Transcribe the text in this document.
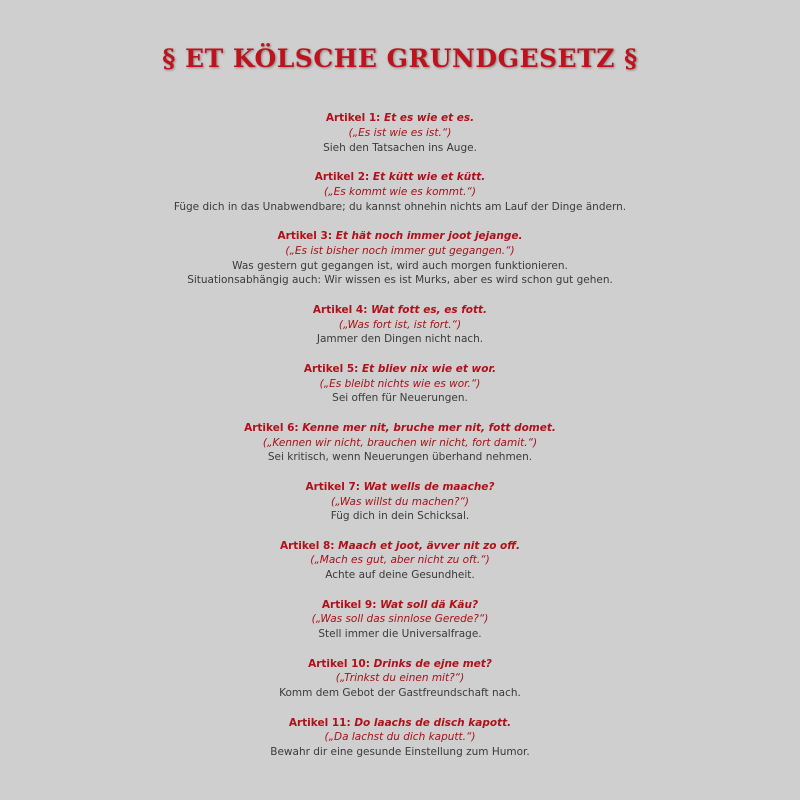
§ ET KÖLSCHE GRUNDGESETZ §
Artikel 1: Et es wie et es.
(„Es ist wie es ist.“)
Sieh den Tatsachen ins Auge.
Artikel 2: Et kütt wie et kütt.
(„Es kommt wie es kommt.“)
Füge dich in das Unabwendbare; du kannst ohnehin nichts am Lauf der Dinge ändern.
Artikel 3: Et hät noch immer joot jejange.
(„Es ist bisher noch immer gut gegangen.“)
Was gestern gut gegangen ist, wird auch morgen funktionieren.
Situationsabhängig auch: Wir wissen es ist Murks, aber es wird schon gut gehen.
Artikel 4: Wat fott es, es fott.
(„Was fort ist, ist fort.“)
Jammer den Dingen nicht nach.
Artikel 5: Et bliev nix wie et wor.
(„Es bleibt nichts wie es wor.“)
Sei offen für Neuerungen.
Artikel 6: Kenne mer nit, bruche mer nit, fott domet.
(„Kennen wir nicht, brauchen wir nicht, fort damit.“)
Sei kritisch, wenn Neuerungen überhand nehmen.
Artikel 7: Wat wells de maache?
(„Was willst du machen?“)
Füg dich in dein Schicksal.
Artikel 8: Maach et joot, ävver nit zo off.
(„Mach es gut, aber nicht zu oft.“)
Achte auf deine Gesundheit.
Artikel 9: Wat soll dä Käu?
(„Was soll das sinnlose Gerede?“)
Stell immer die Universalfrage.
Artikel 10: Drinks de ejne met?
(„Trinkst du einen mit?“)
Komm dem Gebot der Gastfreundschaft nach.
Artikel 11: Do laachs de disch kapott.
(„Da lachst du dich kaputt.“)
Bewahr dir eine gesunde Einstellung zum Humor.
